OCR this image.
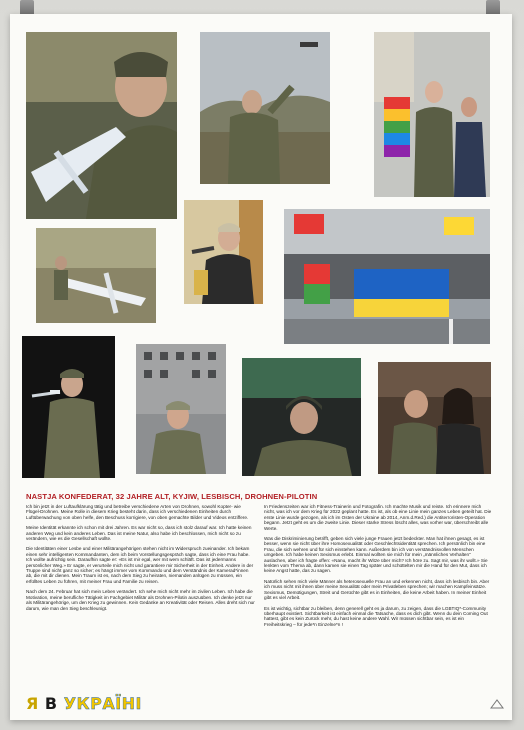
NASTJA KONFEDERAT, 32 JAHRE ALT, KYJIW, LESBISCH, DROHNEN-PILOTIN

Ich bin jetzt in der Luftaufklärung tätig und betreibe verschiedene Arten von Drohnen, sowohl Kopter- wie Flügel-Drohnen. Meine Rolle in diesem Krieg besteht darin, dass ich verschiedenen Einheiten durch Luftüberwachung von oben helfe, den Beschuss korrigiere, von oben gemachte Bilder und Videos entziffere.

Meine Identität erkannte ich schon mit drei Jahren. Es war nicht so, dass ich stolz darauf war. Ich hatte keinen anderen Weg und kein anderes Leben. Das ist meine Natur, also habe ich beschlossen, mich nicht so zu verändern, wie es die Gesellschaft wollte.

Die Identitäten einer Lesbe und einer Militärangehörigen stehen nicht im Widerspruch zueinander. Ich bekam einen sehr intelligenten Kommandanten, dem ich beim Vorstellungsgespräch sagte, dass ich eine Frau habe. Ich wollte aufrichtig sein. Daraufhin sagte er: «Es ist mir egal, wer mit wem schläft. Das ist jedermanns persönlicher Weg.» Er sagte, er verurteile mich nicht und garantiere mir Sicherheit in der Einheit. Andere in der Truppe sind nicht ganz so sicher; es hängt immer vom Kommando und dem Verständnis der Kamerad*innen ab, die mit dir dienen. Mein Traum ist es, nach dem Sieg zu heiraten, niemanden anlügen zu müssen, ein erfülltes Leben zu führen, mit meiner Frau und Familie zu reisen.

Nach dem 24. Februar hat sich mein Leben verändert. Ich sehe mich nicht mehr im zivilen Leben. Ich habe die Motivation, meine berufliche Tätigkeit im Fachgebiet Militär als Drohnen-Pilotin auszuüben. Ich denke jetzt nur als Militärangehörige, um den Krieg zu gewinnen. Kein Gedanke an Kreativität oder Reisen. Alles dreht sich nur darum, wie man den Sieg beschleunigt.

In Friedenszeiten war ich Fitness-Trainerin und Fotografin. Ich machte Musik und reiste. Ich erinnere mich nicht, was ich vor dem Krieg für 2022 geplant hatte. Es ist, als ob eine Linie mein ganzes Leben geteilt hat. Die erste Linie wurde gezogen, als ich im Osten der Ukraine ab 2014, Anm.d.Red.) die Antiterroristen-Operation begann. Jetzt geht es um die zweite Linie. Dieser starke Stress löscht alles, was vorher war, überschreibt alle Werte.

Was die Diskriminierung betrifft, geben sich viele junge Frauen jetzt bedeckter. Man hat ihnen gesagt, es ist besser, wenn sie nicht über ihre Homosexualität oder Geschlechtsidentität sprechen. Ich persönlich bin eine Frau, die sich wehren und für sich einstehen kann. Außerdem bin ich von verständnisvollen Menschen umgeben. Ich habe keinen Sexismus erlebt. Einmal wollten sie mich für mein „männliches Verhalten“ auslachen, aber ich fragte offen: «Nanu, macht ihr Witze über mich? Ich höre zu. Sagt mir, was ihr wollt.» Sie lenkten vom Thema ab, dann kamen sie einen Tag später und schüttelten mir die Hand für den Mut, dass ich keine Angst hatte, das zu sagen.

Natürlich sehen mich viele Männer als heterosexuelle Frau an und erkennen nicht, dass ich lesbisch bin. Aber ich muss nicht mit ihnen über meine Sexualität oder mein Privatleben sprechen; wir machen Kampfeinsätze. Sexismus, Demütigungen, Streit und Gerüchte gibt es in Einheiten, die keine Arbeit haben. In meiner Einheit gibt es viel Arbeit.

Es ist wichtig, sichtbar zu bleiben, denn generell geht es ja darum, zu zeigen, dass die LGBTIQ*-Community überhaupt existiert. Sichtbarkeit ist einfach einmal die Tatsache, dass es dich gibt. Wenn du dein Coming Out hattest, gibt es kein Zurück mehr, du hast keine andere Wahl. Wir müssen sichtbar sein, es ist ein Freiheitskrieg – für jede*n Einzelne*n !

Я В УКРАЇНІ
